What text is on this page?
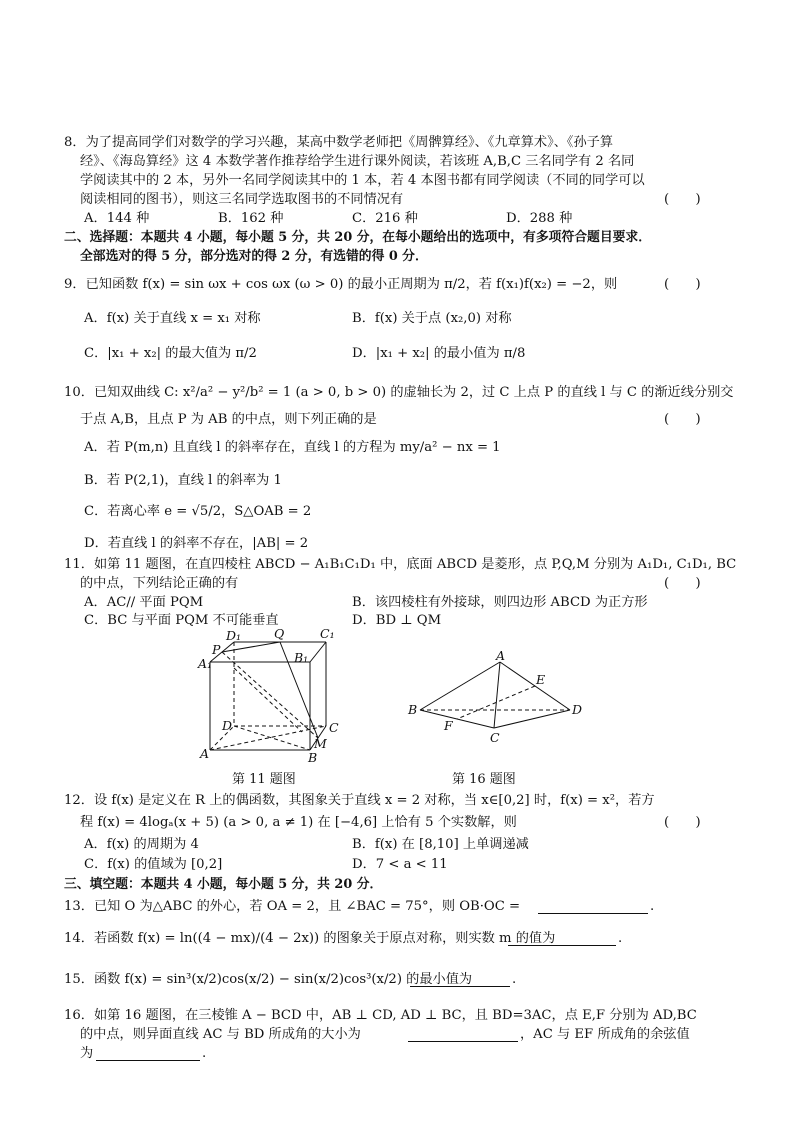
8．为了提高同学们对数学的学习兴趣，某高中数学老师把《周髀算经》、《九章算术》、《孙子算
经》、《海岛算经》这 4 本数学著作推荐给学生进行课外阅读，若该班 A,B,C 三名同学有 2 名同
学阅读其中的 2 本，另外一名同学阅读其中的 1 本，若 4 本图书都有同学阅读（不同的同学可以
阅读相同的图书），则这三名同学选取图书的不同情况有	(　　)
A．144 种	B．162 种	C．216 种	D．288 种
二、选择题：本题共 4 小题，每小题 5 分，共 20 分，在每小题给出的选项中，有多项符合题目要求．
全部选对的得 5 分，部分选对的得 2 分，有选错的得 0 分．
9．已知函数 f(x) = sin ωx + cos ωx (ω > 0) 的最小正周期为 π/2，若 f(x₁)f(x₂) = −2，则	(　　)
A．f(x) 关于直线 x = x₁ 对称	B．f(x) 关于点 (x₂,0) 对称
C．|x₁ + x₂| 的最大值为 π/2	D．|x₁ + x₂| 的最小值为 π/8
10．已知双曲线 C: x²/a² − y²/b² = 1 (a > 0, b > 0) 的虚轴长为 2，过 C 上点 P 的直线 l 与 C 的渐近线分别交
于点 A,B，且点 P 为 AB 的中点，则下列正确的是	(　　)
A．若 P(m,n) 且直线 l 的斜率存在，直线 l 的方程为 my/a² − nx = 1
B．若 P(2,1)，直线 l 的斜率为 1
C．若离心率 e = √5/2，S△OAB = 2
D．若直线 l 的斜率不存在，|AB| = 2
11．如第 11 题图，在直四棱柱 ABCD − A₁B₁C₁D₁ 中，底面 ABCD 是菱形，点 P,Q,M 分别为 A₁D₁, C₁D₁, BC
的中点，下列结论正确的有	(　　)
A．AC// 平面 PQM	B．该四棱柱有外接球，则四边形 ABCD 为正方形
C．BC 与平面 PQM 不可能垂直	D．BD ⊥ QM
D₁	Q	C₁
P
A₁	B₁
D	C
A
M
B
第 11 题图
A
E
B	D
F
C
第 16 题图
12．设 f(x) 是定义在 R 上的偶函数，其图象关于直线 x = 2 对称，当 x∈[0,2] 时，f(x) = x²，若方
程 f(x) = 4logₐ(x + 5) (a > 0, a ≠ 1) 在 [−4,6] 上恰有 5 个实数解，则	(　　)
A．f(x) 的周期为 4	B．f(x) 在 [8,10] 上单调递减
C．f(x) 的值域为 [0,2]	D．7 < a < 11
三、填空题：本题共 4 小题，每小题 5 分，共 20 分．
13．已知 O 为△ABC 的外心，若 OA = 2，且 ∠BAC = 75°，则 OB·OC =	.
14．若函数 f(x) = ln((4 − mx)/(4 − 2x)) 的图象关于原点对称，则实数 m 的值为	.
15．函数 f(x) = sin³(x/2)cos(x/2) − sin(x/2)cos³(x/2) 的最小值为	.
16．如第 16 题图，在三棱锥 A − BCD 中，AB ⊥ CD, AD ⊥ BC，且 BD=3AC，点 E,F 分别为 AD,BC
的中点，则异面直线 AC 与 BD 所成角的大小为	，AC 与 EF 所成角的余弦值
为	.
